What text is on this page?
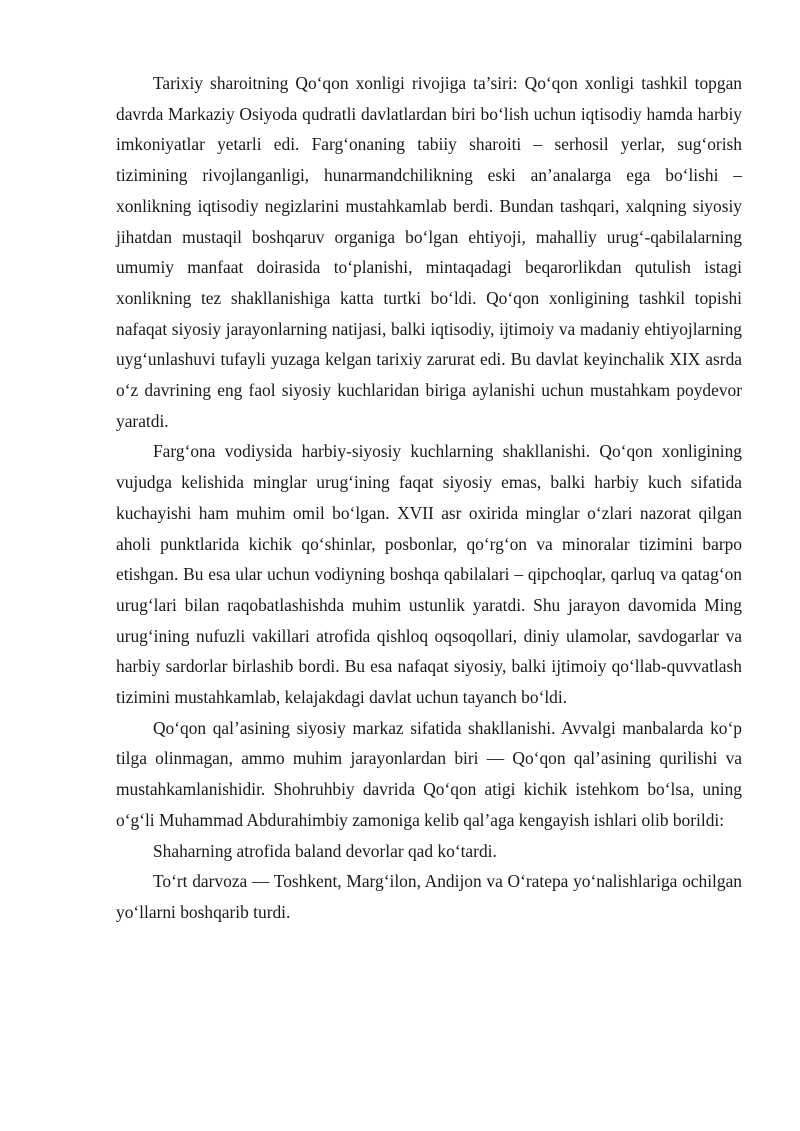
Tarixiy sharoitning Qo‘qon xonligi rivojiga ta’siri: Qo‘qon xonligi tashkil topgan davrda Markaziy Osiyoda qudratli davlatlardan biri bo‘lish uchun iqtisodiy hamda harbiy imkoniyatlar yetarli edi. Farg‘onaning tabiiy sharoiti – serhosil yerlar, sug‘orish tizimining rivojlanganligi, hunarmandchilikning eski an’analarga ega bo‘lishi – xonlikning iqtisodiy negizlarini mustahkamlab berdi. Bundan tashqari, xalqning siyosiy jihatdan mustaqil boshqaruv organiga bo‘lgan ehtiyoji, mahalliy urug‘-qabilalarning umumiy manfaat doirasida to‘planishi, mintaqadagi beqarorlikdan qutulish istagi xonlikning tez shakllanishiga katta turtki bo‘ldi. Qo‘qon xonligining tashkil topishi nafaqat siyosiy jarayonlarning natijasi, balki iqtisodiy, ijtimoiy va madaniy ehtiyojlarning uyg‘unlashuvi tufayli yuzaga kelgan tarixiy zarurat edi. Bu davlat keyinchalik XIX asrda o‘z davrining eng faol siyosiy kuchlaridan biriga aylanishi uchun mustahkam poydevor yaratdi.

Farg‘ona vodiysida harbiy-siyosiy kuchlarning shakllanishi. Qo‘qon xonligining vujudga kelishida minglar urug‘ining faqat siyosiy emas, balki harbiy kuch sifatida kuchayishi ham muhim omil bo‘lgan. XVII asr oxirida minglar o‘zlari nazorat qilgan aholi punktlarida kichik qo‘shinlar, posbonlar, qo‘rg‘on va minoralar tizimini barpo etishgan. Bu esa ular uchun vodiyning boshqa qabilalari – qipchoqlar, qarluq va qatag‘on urug‘lari bilan raqobatlashishda muhim ustunlik yaratdi. Shu jarayon davomida Ming urug‘ining nufuzli vakillari atrofida qishloq oqsoqollari, diniy ulamolar, savdogarlar va harbiy sardorlar birlashib bordi. Bu esa nafaqat siyosiy, balki ijtimoiy qo‘llab-quvvatlash tizimini mustahkamlab, kelajakdagi davlat uchun tayanch bo‘ldi.

Qo‘qon qal’asining siyosiy markaz sifatida shakllanishi. Avvalgi manbalarda ko‘p tilga olinmagan, ammo muhim jarayonlardan biri — Qo‘qon qal’asining qurilishi va mustahkamlanishidir. Shohruhbiy davrida Qo‘qon atigi kichik istehkom bo‘lsa, uning o‘g‘li Muhammad Abdurahimbiy zamoniga kelib qal’aga kengayish ishlari olib borildi:

Shaharning atrofida baland devorlar qad ko‘tardi.

To‘rt darvoza — Toshkent, Marg‘ilon, Andijon va O‘ratepa yo‘nalishlariga ochilgan yo‘llarni boshqarib turdi.
